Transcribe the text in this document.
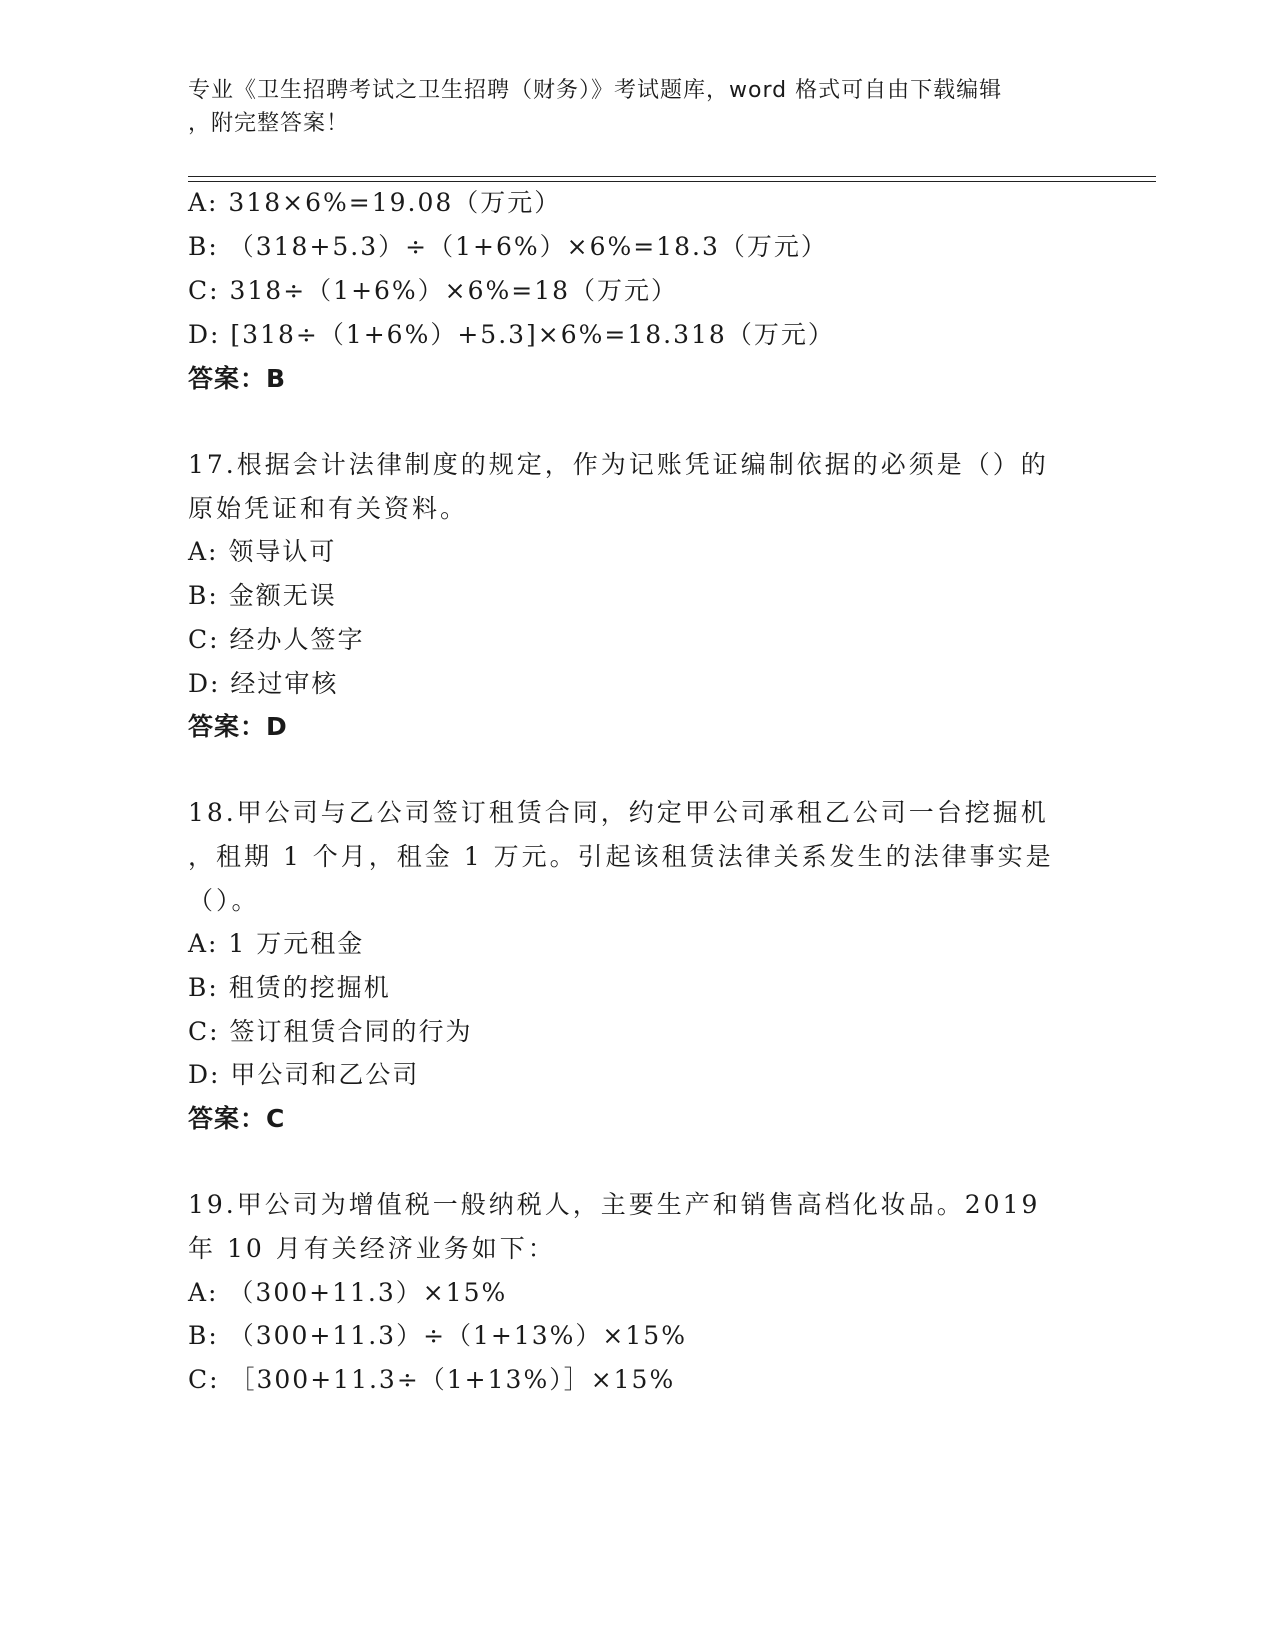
专业《卫生招聘考试之卫生招聘（财务）》考试题库，word 格式可自由下载编辑
，附完整答案！
A: 318×6%=19.08（万元）
B: （318+5.3）÷（1+6%）×6%=18.3（万元）
C: 318÷（1+6%）×6%=18（万元）
D: [318÷（1+6%）+5.3]×6%=18.318（万元）
答案：B
17.根据会计法律制度的规定，作为记账凭证编制依据的必须是（）的
原始凭证和有关资料。
A: 领导认可
B: 金额无误
C: 经办人签字
D: 经过审核
答案：D
18.甲公司与乙公司签订租赁合同，约定甲公司承租乙公司一台挖掘机
，租期 1 个月，租金 1 万元。引起该租赁法律关系发生的法律事实是
（）。
A: 1 万元租金
B: 租赁的挖掘机
C: 签订租赁合同的行为
D: 甲公司和乙公司
答案：C
19.甲公司为增值税一般纳税人，主要生产和销售高档化妆品。2019
年 10 月有关经济业务如下：
A: （300+11.3）×15%
B: （300+11.3）÷（1+13%）×15%
C: ［300+11.3÷（1+13%）］×15%
